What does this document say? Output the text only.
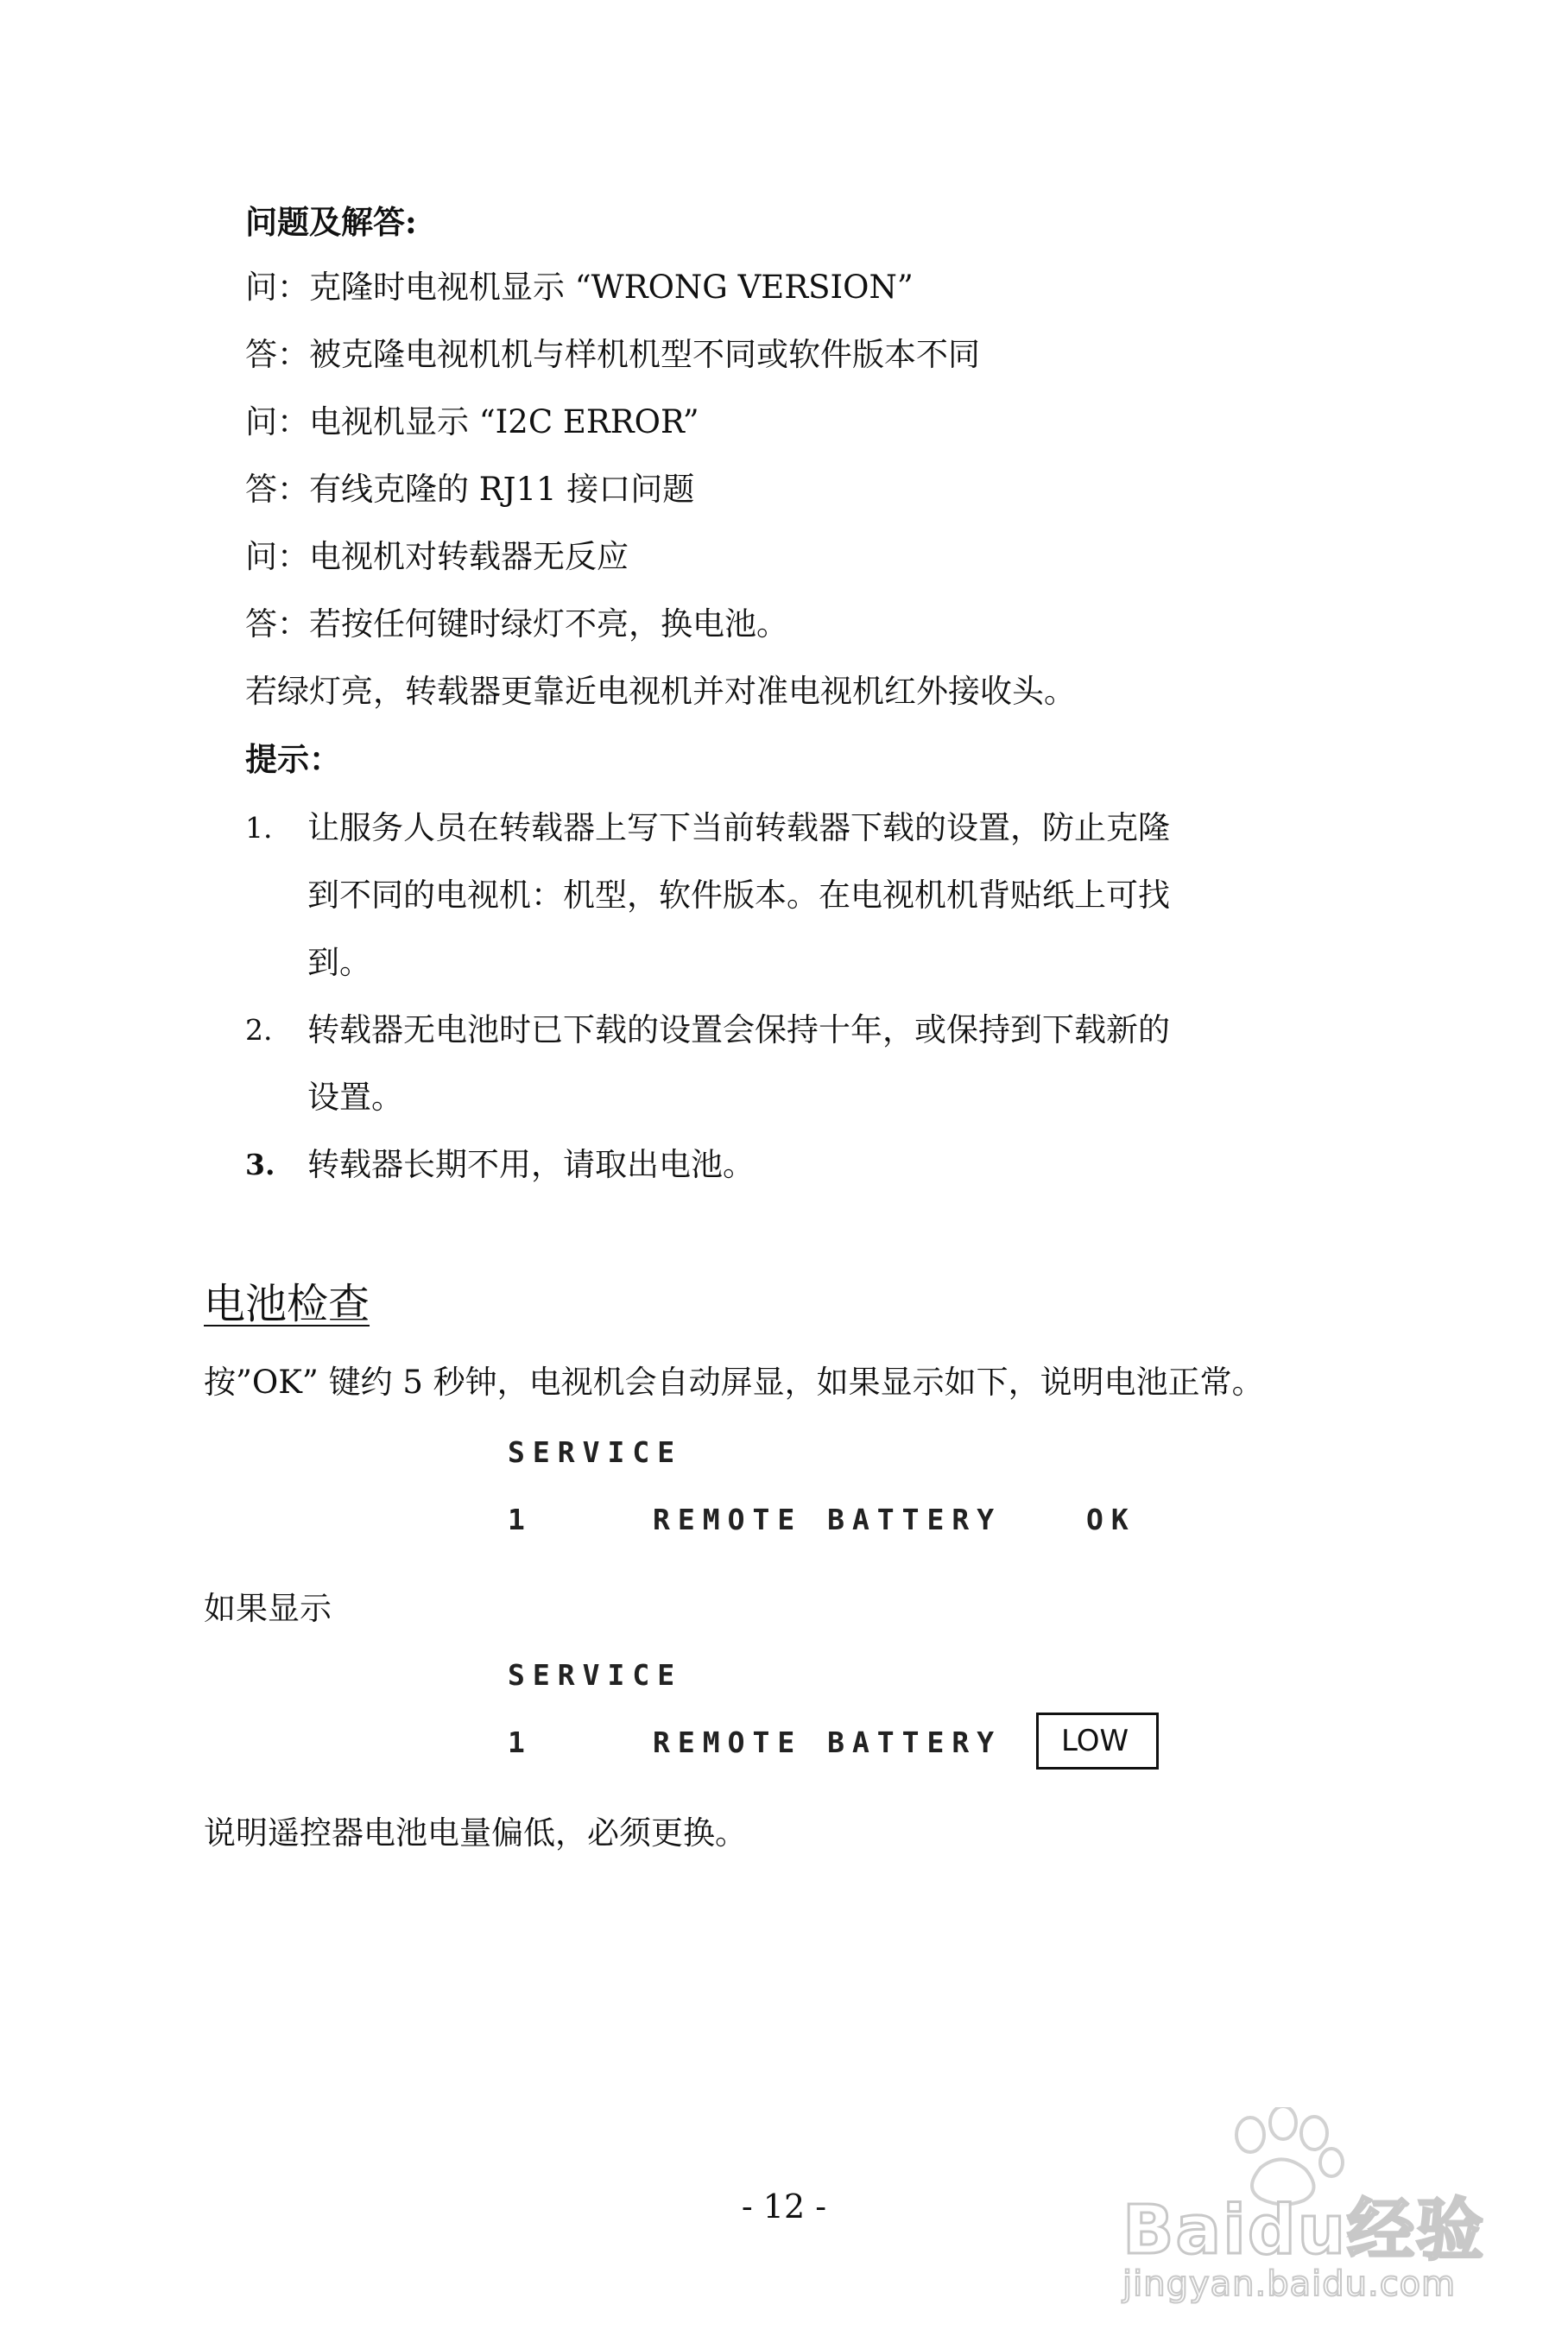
问题及解答:
问：克隆时电视机显示 “WRONG VERSION”
答：被克隆电视机机与样机机型不同或软件版本不同
问：电视机显示 “I2C ERROR”
答：有线克隆的 RJ11 接口问题
问：电视机对转载器无反应
答：若按任何键时绿灯不亮，换电池。
若绿灯亮，转载器更靠近电视机并对准电视机红外接收头。
提示：
1. 让服务人员在转载器上写下当前转载器下载的设置，防止克隆
到不同的电视机：机型，软件版本。在电视机机背贴纸上可找
到。
2. 转载器无电池时已下载的设置会保持十年，或保持到下载新的
设置。
3. 转载器长期不用，请取出电池。
电池检查
按”OK” 键约 5 秒钟，电视机会自动屏显，如果显示如下，说明电池正常。
SERVICE
1	REMOTE BATTERY	OK
如果显示
SERVICE
1	REMOTE BATTERY	LOW
说明遥控器电池电量偏低，必须更换。
- 12 -	Baidu经验
jingyan.baidu.com
